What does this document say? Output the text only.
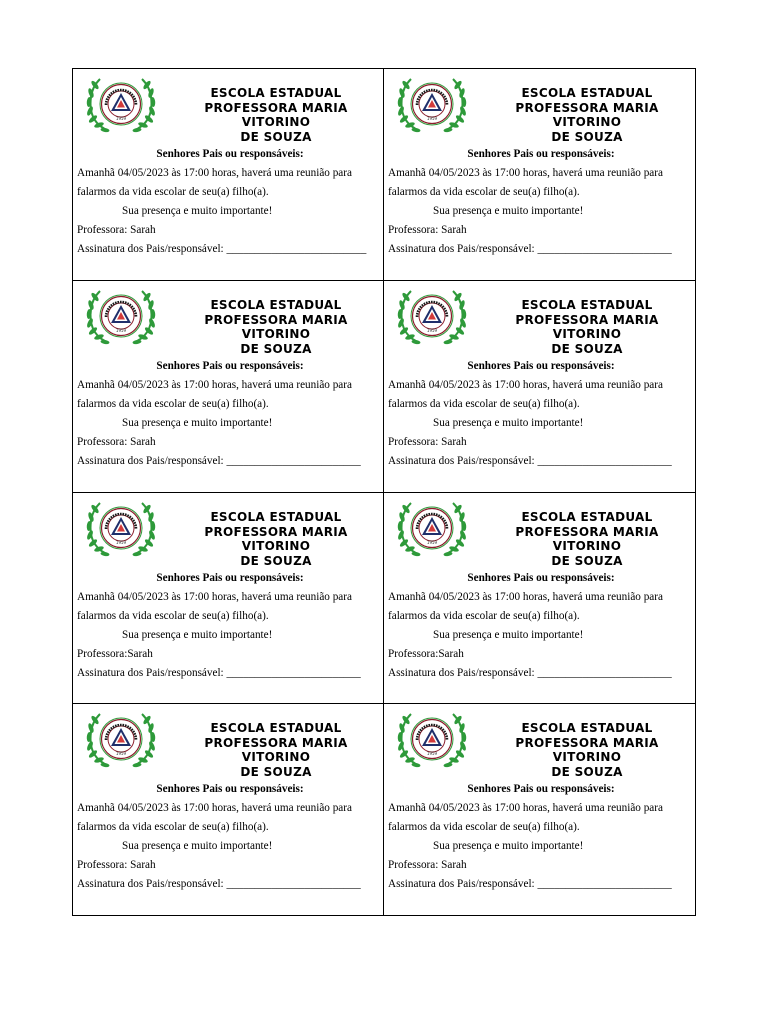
1959
ESCOLA ESTADUAL
PROFESSORA MARIA VITORINO
DE SOUZA
Senhores Pais ou responsáveis:
Amanhã 04/05/2023 às 17:00 horas, haverá uma reunião para
falarmos da vida escolar de seu(a) filho(a).
Sua presença e muito importante!
Professora: Sarah
Assinatura dos Pais/responsável: _________________________
1959
ESCOLA ESTADUAL
PROFESSORA MARIA VITORINO
DE SOUZA
Senhores Pais ou responsáveis:
Amanhã 04/05/2023 às 17:00 horas, haverá uma reunião para
falarmos da vida escolar de seu(a) filho(a).
Sua presença e muito importante!
Professora: Sarah
Assinatura dos Pais/responsável: ________________________
1959
ESCOLA ESTADUAL
PROFESSORA MARIA VITORINO
DE SOUZA
Senhores Pais ou responsáveis:
Amanhã 04/05/2023 às 17:00 horas, haverá uma reunião para
falarmos da vida escolar de seu(a) filho(a).
Sua presença e muito importante!
Professora: Sarah
Assinatura dos Pais/responsável: ________________________
1959
ESCOLA ESTADUAL
PROFESSORA MARIA VITORINO
DE SOUZA
Senhores Pais ou responsáveis:
Amanhã 04/05/2023 às 17:00 horas, haverá uma reunião para
falarmos da vida escolar de seu(a) filho(a).
Sua presença e muito importante!
Professora: Sarah
Assinatura dos Pais/responsável: ________________________
1959
ESCOLA ESTADUAL
PROFESSORA MARIA VITORINO
DE SOUZA
Senhores Pais ou responsáveis:
Amanhã 04/05/2023 às 17:00 horas, haverá uma reunião para
falarmos da vida escolar de seu(a) filho(a).
Sua presença e muito importante!
Professora:Sarah
Assinatura dos Pais/responsável: ________________________
1959
ESCOLA ESTADUAL
PROFESSORA MARIA VITORINO
DE SOUZA
Senhores Pais ou responsáveis:
Amanhã 04/05/2023 às 17:00 horas, haverá uma reunião para
falarmos da vida escolar de seu(a) filho(a).
Sua presença e muito importante!
Professora:Sarah
Assinatura dos Pais/responsável: ________________________
1959
ESCOLA ESTADUAL
PROFESSORA MARIA VITORINO
DE SOUZA
Senhores Pais ou responsáveis:
Amanhã 04/05/2023 às 17:00 horas, haverá uma reunião para
falarmos da vida escolar de seu(a) filho(a).
Sua presença e muito importante!
Professora: Sarah
Assinatura dos Pais/responsável: ________________________
1959
ESCOLA ESTADUAL
PROFESSORA MARIA VITORINO
DE SOUZA
Senhores Pais ou responsáveis:
Amanhã 04/05/2023 às 17:00 horas, haverá uma reunião para
falarmos da vida escolar de seu(a) filho(a).
Sua presença e muito importante!
Professora: Sarah
Assinatura dos Pais/responsável: ________________________
